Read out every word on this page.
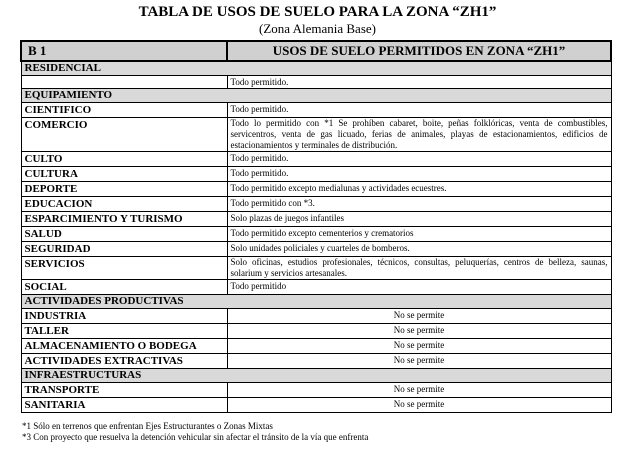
TABLA DE USOS DE SUELO PARA LA ZONA “ZH1”
(Zona Alemania Base)
B 1	USOS DE SUELO PERMITIDOS EN ZONA “ZH1”
RESIDENCIAL	
	Todo permitido.
EQUIPAMIENTO	
CIENTIFICO	Todo permitido.
COMERCIO	Todo lo permitido con *1 Se prohíben cabaret, boite, peñas folklóricas, venta de combustibles, servicentros, venta de gas licuado, ferias de animales, playas de estacionamientos, edificios de estacionamientos y terminales de distribución.
CULTO	Todo permitido.
CULTURA	Todo permitido.
DEPORTE	Todo permitido excepto medialunas y actividades ecuestres.
EDUCACION	Todo permitido con *3.
ESPARCIMIENTO Y TURISMO	Solo plazas de juegos infantiles
SALUD	Todo permitido excepto cementerios y crematorios
SEGURIDAD	Solo unidades policiales y cuarteles de bomberos.
SERVICIOS	Solo oficinas, estudios profesionales, técnicos, consultas, peluquerías, centros de belleza, saunas, solarium y servicios artesanales.
SOCIAL	Todo permitido
ACTIVIDADES PRODUCTIVAS	
INDUSTRIA	No se permite
TALLER	No se permite
ALMACENAMIENTO O BODEGA	No se permite
ACTIVIDADES EXTRACTIVAS	No se permite
INFRAESTRUCTURAS	
TRANSPORTE	No se permite
SANITARIA	No se permite
*1 Sólo en terrenos que enfrentan Ejes Estructurantes o Zonas Mixtas
*3 Con proyecto que resuelva la detención vehicular sin afectar el tránsito de la vía que enfrenta
